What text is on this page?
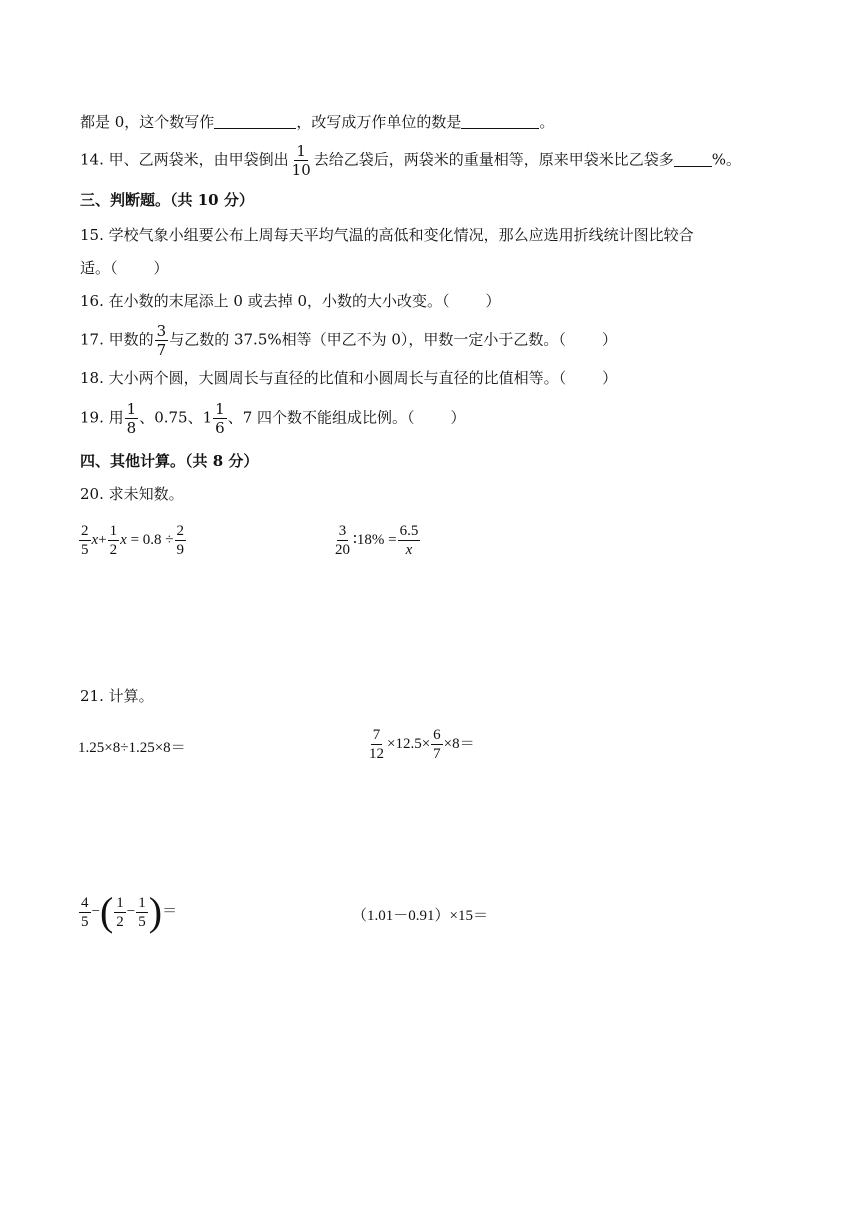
都是 0，这个数写作	，改写成万作单位的数是	。
14. 甲、乙两袋米，由甲袋倒出 $\frac{1}{10}$ 去给乙袋后，两袋米的重量相等，原来甲袋米比乙袋多	%。
三、判断题。（共 10 分）
15. 学校气象小组要公布上周每天平均气温的高低和变化情况，那么应选用折线统计图比较合
适。（ ）
16. 在小数的末尾添上 0 或去掉 0，小数的大小改变。（ ）
17. 甲数的 $\frac{3}{7}$ 与乙数的 37.5%相等（甲乙不为 0），甲数一定小于乙数。（ ）
18. 大小两个圆，大圆周长与直径的比值和小圆周长与直径的比值相等。（ ）
19. 用 $\frac{1}{8}$ 、0.75、$1 \frac{1}{6}$ 、7 四个数不能组成比例。（ ）
四、其他计算。（共 8 分）
20. 求未知数。
$\frac{2}{5} x+ \frac{1}{2}$ $x = 0.8 \div \frac{2}{9}$	$\frac{3}{20}$ ∶18% = $\frac{6.5}{x}$
21. 计算。
1.25×8÷1.25×8＝	$\frac{7}{12} \times 12.5\times \frac{6}{7} \times 8=$
$\frac{4}{5}$ −( $\frac{1}{2} - \frac{1}{5}$ )＝	（1.01－0.91）×15＝
